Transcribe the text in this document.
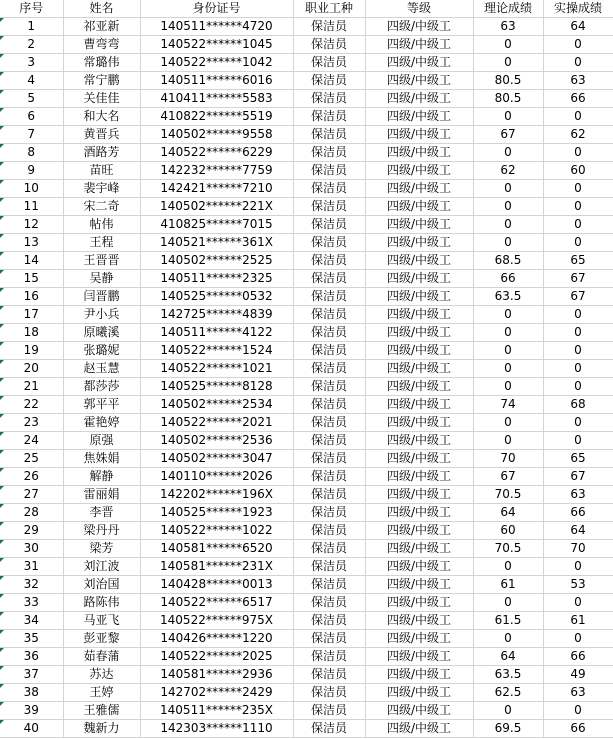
序号	姓名	身份证号	职业工种	等级	理论成绩	实操成绩

1	祁亚新	140511******4720	保洁员	四级/中级工	63	64

2	曹弯弯	140522******1045	保洁员	四级/中级工	0	0

3	常璐伟	140522******1042	保洁员	四级/中级工	0	0

4	常宁鹏	140511******6016	保洁员	四级/中级工	80.5	63

5	关佳佳	410411******5583	保洁员	四级/中级工	80.5	66

6	和大名	410822******5519	保洁员	四级/中级工	0	0

7	黄晋兵	140502******9558	保洁员	四级/中级工	67	62

8	酒路芳	140522******6229	保洁员	四级/中级工	0	0

9	苗旺	142232******7759	保洁员	四级/中级工	62	60

10	裴宇峰	142421******7210	保洁员	四级/中级工	0	0

11	宋二奇	140502******221X	保洁员	四级/中级工	0	0

12	帖伟	410825******7015	保洁员	四级/中级工	0	0

13	王程	140521******361X	保洁员	四级/中级工	0	0

14	王晋晋	140502******2525	保洁员	四级/中级工	68.5	65

15	吴静	140511******2325	保洁员	四级/中级工	66	67

16	闫晋鹏	140525******0532	保洁员	四级/中级工	63.5	67

17	尹小兵	142725******4839	保洁员	四级/中级工	0	0

18	原曦溪	140511******4122	保洁员	四级/中级工	0	0

19	张璐妮	140522******1524	保洁员	四级/中级工	0	0

20	赵玉慧	140522******1021	保洁员	四级/中级工	0	0

21	都莎莎	140525******8128	保洁员	四级/中级工	0	0

22	郭平平	140502******2534	保洁员	四级/中级工	74	68

23	霍艳婷	140522******2021	保洁员	四级/中级工	0	0

24	原强	140502******2536	保洁员	四级/中级工	0	0

25	焦姝娟	140502******3047	保洁员	四级/中级工	70	65

26	解静	140110******2026	保洁员	四级/中级工	67	67

27	雷丽娟	142202******196X	保洁员	四级/中级工	70.5	63

28	李晋	140525******1923	保洁员	四级/中级工	64	66

29	梁丹丹	140522******1022	保洁员	四级/中级工	60	64

30	梁芳	140581******6520	保洁员	四级/中级工	70.5	70

31	刘江波	140581******231X	保洁员	四级/中级工	0	0

32	刘治国	140428******0013	保洁员	四级/中级工	61	53

33	路陈伟	140522******6517	保洁员	四级/中级工	0	0

34	马亚飞	140522******975X	保洁员	四级/中级工	61.5	61

35	彭亚黎	140426******1220	保洁员	四级/中级工	0	0

36	茹春蒲	140522******2025	保洁员	四级/中级工	64	66

37	苏达	140581******2936	保洁员	四级/中级工	63.5	49

38	王婷	142702******2429	保洁员	四级/中级工	62.5	63

39	王雅儒	140511******235X	保洁员	四级/中级工	0	0

40	魏新力	142303******1110	保洁员	四级/中级工	69.5	66
